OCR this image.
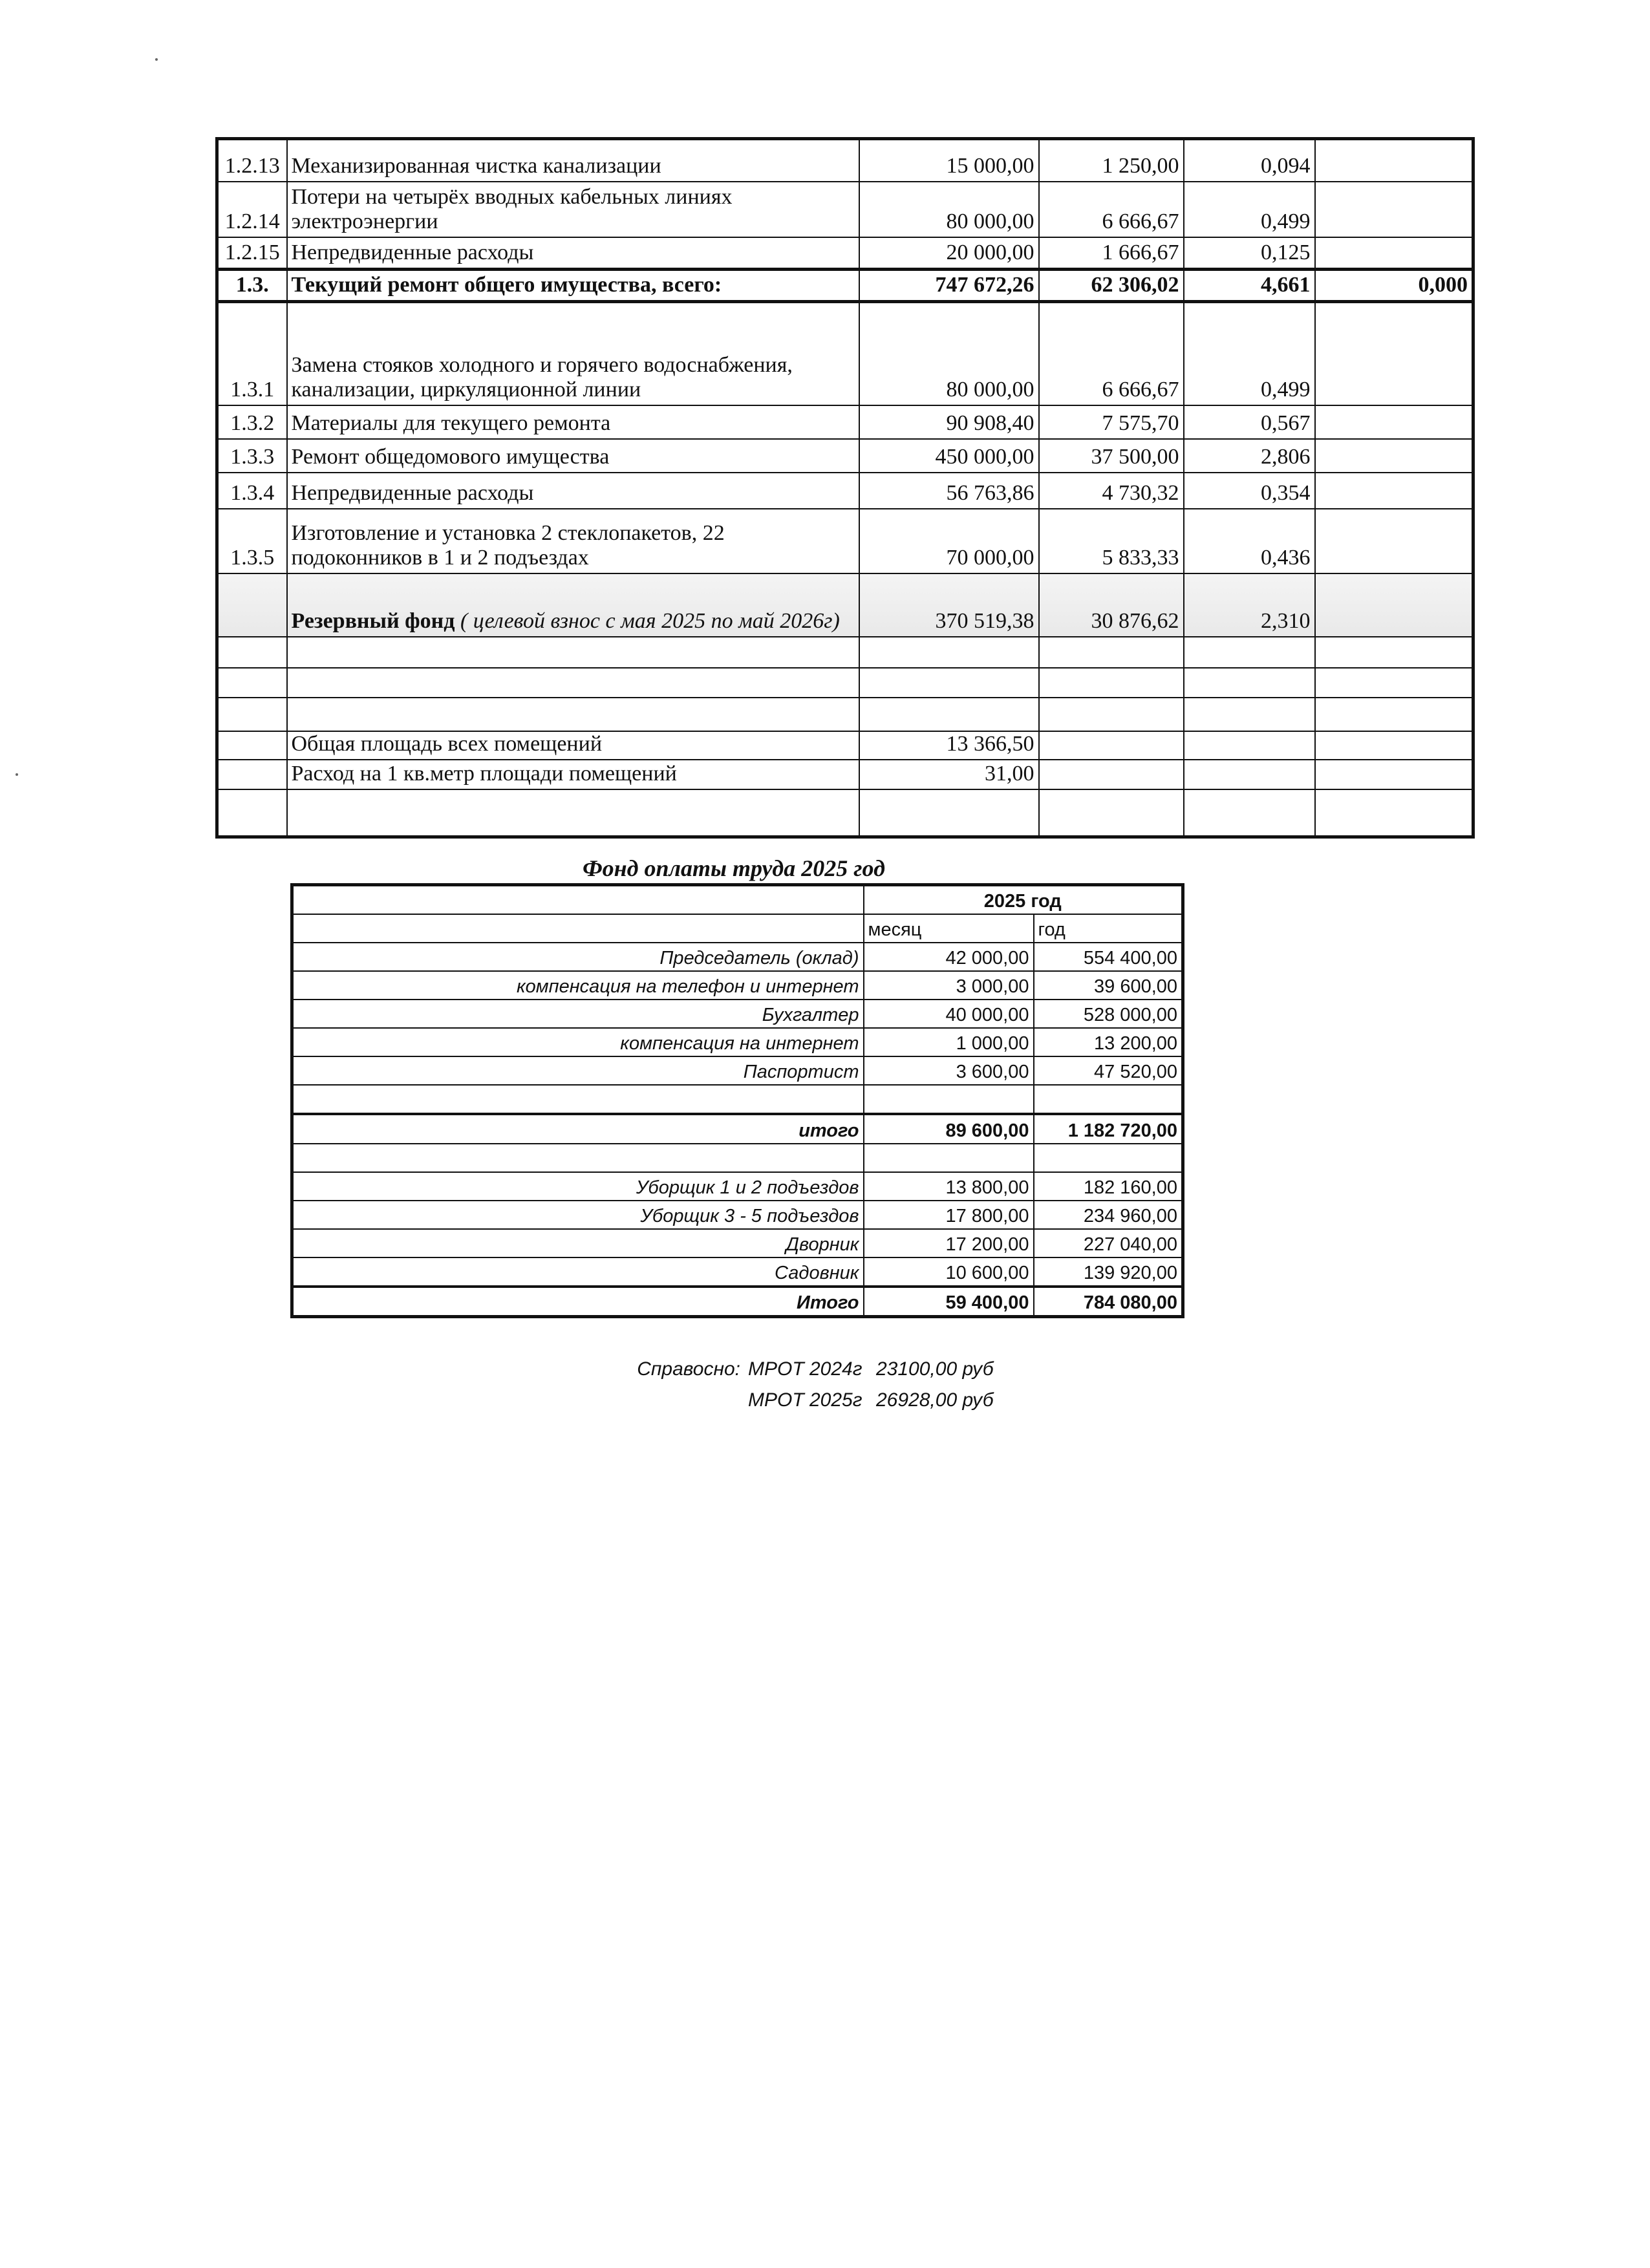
1.2.13	Механизированная чистка канализации	15 000,00	1 250,00	0,094	
1.2.14	Потери на четырёх вводных кабельных линиях электроэнергии	80 000,00	6 666,67	0,499	
1.2.15	Непредвиденные расходы	20 000,00	1 666,67	0,125	
1.3.	Текущий ремонт общего имущества, всего:	747 672,26	62 306,02	4,661	0,000
1.3.1	Замена стояков холодного и горячего водоснабжения, канализации, циркуляционной линии	80 000,00	6 666,67	0,499	
1.3.2	Материалы для текущего ремонта	90 908,40	7 575,70	0,567	
1.3.3	Ремонт общедомового имущества	450 000,00	37 500,00	2,806	
1.3.4	Непредвиденные расходы	56 763,86	4 730,32	0,354	
1.3.5	Изготовление и установка 2 стеклопакетов, 22 подоконников в 1 и 2 подъездах	70 000,00	5 833,33	0,436	
	Резервный фонд ( целевой взнос с мая 2025 по май 2026г)	370 519,38	30 876,62	2,310	

	Общая площадь всех помещений	13 366,50			
	Расход на 1 кв.метр площади помещений	31,00			

Фонд оплаты труда 2025 год
	2025 год	
	месяц	год
Председатель (оклад)	42 000,00	554 400,00
компенсация на телефон и интернет	3 000,00	39 600,00
Бухгалтер	40 000,00	528 000,00
компенсация на интернет	1 000,00	13 200,00
Паспортист	3 600,00	47 520,00

итого	89 600,00	1 182 720,00

Уборщик 1 и 2 подъездов	13 800,00	182 160,00
Уборщик 3 - 5 подъездов	17 800,00	234 960,00
Дворник	17 200,00	227 040,00
Садовник	10 600,00	139 920,00
Итого	59 400,00	784 080,00
Справосно: МРОТ 2024г 23100,00 руб
МРОТ 2025г 26928,00 руб
